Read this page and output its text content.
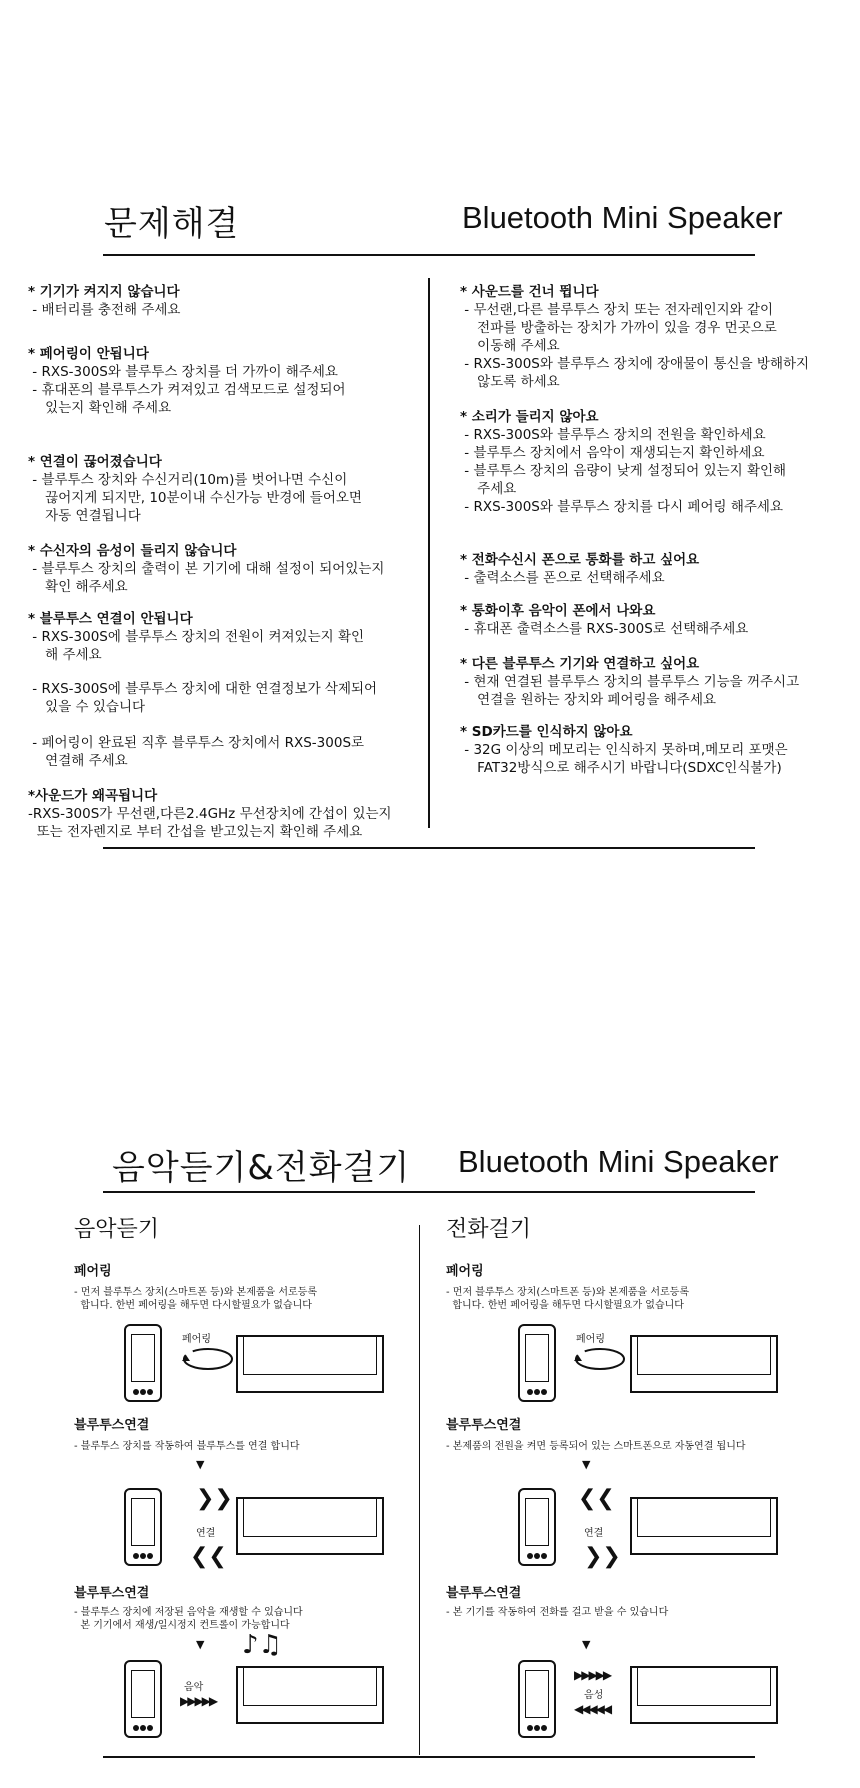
문제해결	Bluetooth Mini Speaker
* 기기가 켜지지 않습니다
- 배터리를 충전해 주세요
* 페어링이 안됩니다
- RXS-300S와 블루투스 장치를 더 가까이 해주세요
- 휴대폰의 블루투스가 켜져있고 검색모드로 설정되어
있는지 확인해 주세요
* 연결이 끊어졌습니다
- 블루투스 장치와 수신거리(10m)를 벗어나면 수신이
끊어지게 되지만, 10분이내 수신가능 반경에 들어오면
자동 연결됩니다
* 수신자의 음성이 들리지 않습니다
- 블루투스 장치의 출력이 본 기기에 대해 설정이 되어있는지
확인 해주세요
* 블루투스 연결이 안됩니다
- RXS-300S에 블루투스 장치의 전원이 켜져있는지 확인
해 주세요
- RXS-300S에 블루투스 장치에 대한 연결정보가 삭제되어
있을 수 있습니다
- 페어링이 완료된 직후 블루투스 장치에서 RXS-300S로
연결해 주세요
*사운드가 왜곡됩니다
-RXS-300S가 무선랜,다른2.4GHz 무선장치에 간섭이 있는지
또는 전자렌지로 부터 간섭을 받고있는지 확인해 주세요
* 사운드를 건너 뜁니다
- 무선랜,다른 블루투스 장치 또는 전자레인지와 같이
전파를 방출하는 장치가 가까이 있을 경우 먼곳으로
이동해 주세요
- RXS-300S와 블루투스 장치에 장애물이 통신을 방해하지
않도록 하세요
* 소리가 들리지 않아요
- RXS-300S와 블루투스 장치의 전원을 확인하세요
- 블루투스 장치에서 음악이 재생되는지 확인하세요
- 블루투스 장치의 음량이 낮게 설정되어 있는지 확인해
주세요
- RXS-300S와 블루투스 장치를 다시 페어링 해주세요
* 전화수신시 폰으로 통화를 하고 싶어요
- 출력소스를 폰으로 선택해주세요
* 통화이후 음악이 폰에서 나와요
- 휴대폰 출력소스를 RXS-300S로 선택해주세요
* 다른 블루투스 기기와 연결하고 싶어요
- 현재 연결된 블루투스 장치의 블루투스 기능을 꺼주시고
연결을 원하는 장치와 페어링을 해주세요
* SD카드를 인식하지 않아요
- 32G 이상의 메모리는 인식하지 못하며,메모리 포맷은
FAT32방식으로 해주시기 바랍니다(SDXC인식불가)
음악듣기&전화걸기 Bluetooth Mini Speaker
음악듣기
페어링
- 먼저 블루투스 장치(스마트폰 등)와 본제품을 서로등록
합니다. 한번 페어링을 해두면 다시할필요가 없습니다
페어링
블루투스연결
- 블루투스 장치를 작동하여 블루투스를 연결 합니다
▼
❯❯
연결
❮❮
블루투스연결
- 블루투스 장치에 저장된 음악을 재생할 수 있습니다
본 기기에서 재생/일시정지 컨트롤이 가능합니다
▼
음악
▶▶▶▶▶
♪♫
전화걸기
페어링
- 먼저 블루투스 장치(스마트폰 등)와 본제품을 서로등록
합니다. 한번 페어링을 해두면 다시할필요가 없습니다
페어링
블루투스연결
- 본제품의 전원을 켜면 등록되어 있는 스마트폰으로 자동연결 됩니다
▼
❮❮
연결
❯❯
블루투스연결
- 본 기기를 작동하여 전화를 걸고 받을 수 있습니다
▼
▶▶▶▶▶
음성
◀◀◀◀◀
